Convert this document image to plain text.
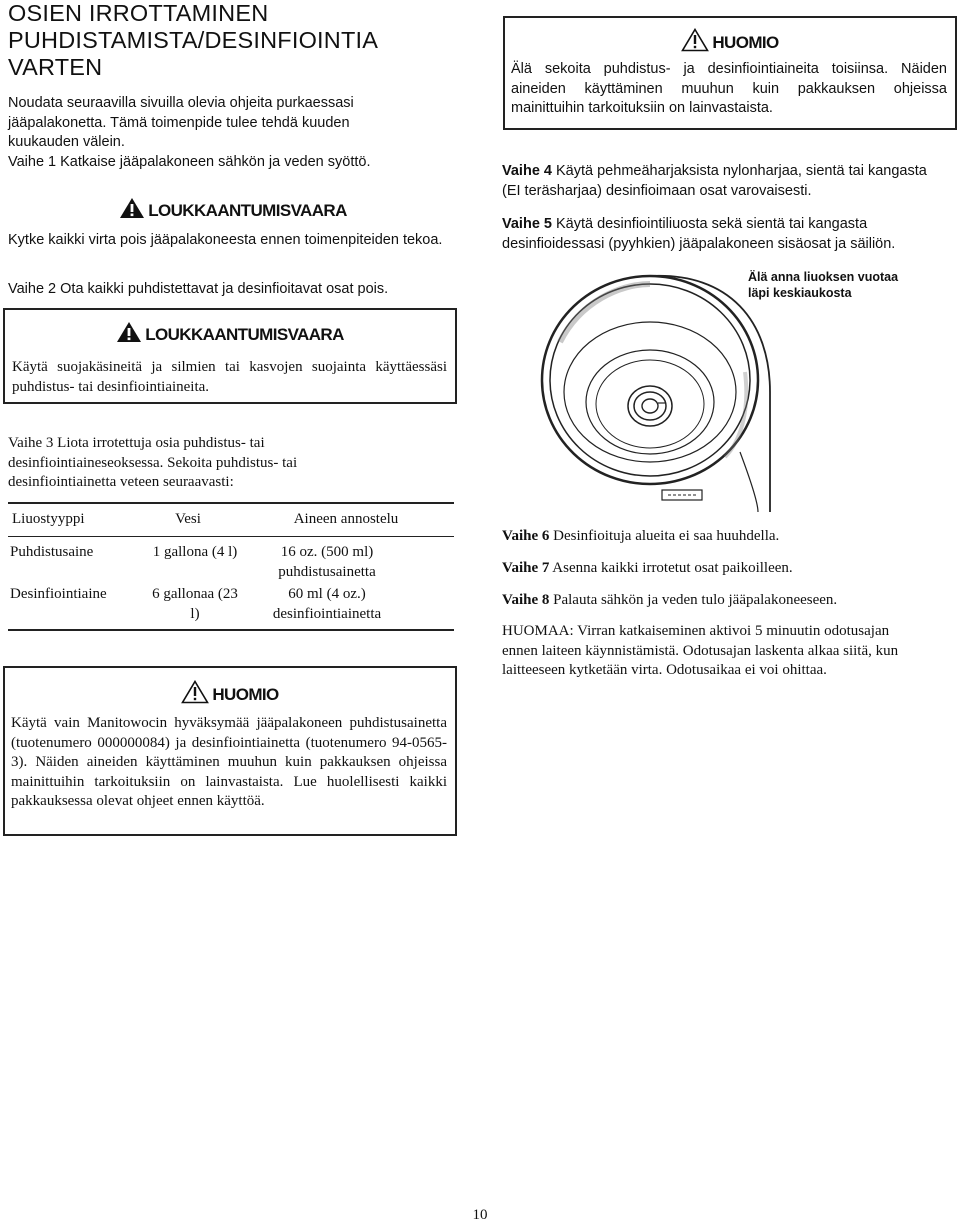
OSIEN IRROTTAMINEN
PUHDISTAMISTA/DESINFIOINTIA
VARTEN
Noudata seuraavilla sivuilla olevia ohjeita purkaessasi
jääpalakonetta. Tämä toimenpide tulee tehdä kuuden
kuukauden välein.

Vaihe 1 Katkaise jääpalakoneen sähkön ja veden syöttö.

LOUKKAANTUMISVAARA

Kytke kaikki virta pois jääpalakoneesta ennen toimenpiteiden tekoa.

Vaihe 2 Ota kaikki puhdistettavat ja desinfioitavat osat pois.

LOUKKAANTUMISVAARA

Käytä suojakäsineitä ja silmien tai kasvojen suojainta käyttäessäsi puhdistus- tai desinfiointiaineita.

Vaihe 3 Liota irrotettuja osia puhdistus- tai desinfiointiaineseoksessa. Sekoita puhdistus- tai desinfiointiainetta veteen seuraavasti:

Liuostyyppi	Vesi	Aineen annostelu
Puhdistusaine	1 gallona (4 l)	16 oz. (500 ml) puhdistusainetta
Desinfiointiaine	6 gallonaa (23 l)	60 ml (4 oz.) desinfiointiainetta
HUOMIO

Käytä vain Manitowocin hyväksymää jääpalakoneen puhdistusainetta (tuotenumero 000000084) ja desinfiointiainetta (tuotenumero 94-0565-3). Näiden aineiden käyttäminen muuhun kuin pakkauksen ohjeissa mainittuihin tarkoituksiin on lainvastaista. Lue huolellisesti kaikki pakkauksessa olevat ohjeet ennen käyttöä.

HUOMIO

Älä sekoita puhdistus- ja desinfiointiaineita toisiinsa. Näiden aineiden käyttäminen muuhun kuin pakkauksen ohjeissa mainittuihin tarkoituksiin on lainvastaista.

Vaihe 4 Käytä pehmeäharjaksista nylonharjaa, sientä tai kangasta (EI teräsharjaa) desinfioimaan osat varovaisesti.

Vaihe 5 Käytä desinfiointiliuosta sekä sientä tai kangasta desinfioidessasi (pyyhkien) jääpalakoneen sisäosat ja säiliön.

Älä anna liuoksen vuotaa
läpi keskiaukosta

Vaihe 6 Desinfioituja alueita ei saa huuhdella.

Vaihe 7 Asenna kaikki irrotetut osat paikoilleen.

Vaihe 8 Palauta sähkön ja veden tulo jääpalakoneeseen.

HUOMAA: Virran katkaiseminen aktivoi 5 minuutin odotusajan ennen laiteen käynnistämistä. Odotusajan laskenta alkaa siitä, kun laitteeseen kytketään virta. Odotusaikaa ei voi ohittaa.

10
